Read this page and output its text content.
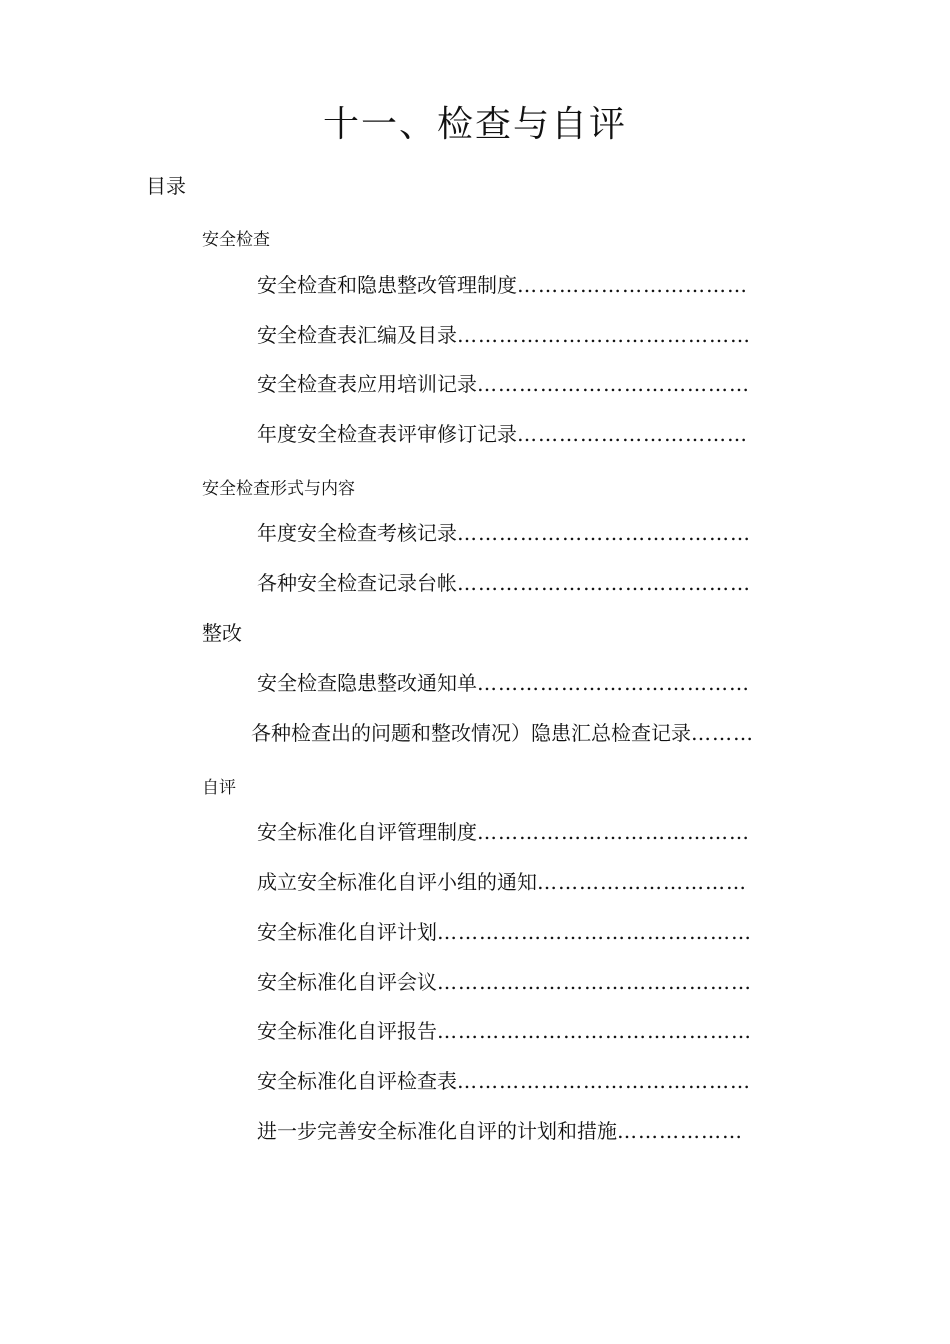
十一、检查与自评
目录
安全检查
安全检查和隐患整改管理制度……………………………
安全检查表汇编及目录……………………………………
安全检查表应用培训记录…………………………………
年度安全检查表评审修订记录……………………………
安全检查形式与内容
年度安全检查考核记录……………………………………
各种安全检查记录台帐……………………………………
整改
安全检查隐患整改通知单…………………………………
各种检查出的问题和整改情况）隐患汇总检查记录………
自评
安全标准化自评管理制度…………………………………
成立安全标准化自评小组的通知…………………………
安全标准化自评计划………………………………………
安全标准化自评会议………………………………………
安全标准化自评报告………………………………………
安全标准化自评检查表……………………………………
进一步完善安全标准化自评的计划和措施………………
